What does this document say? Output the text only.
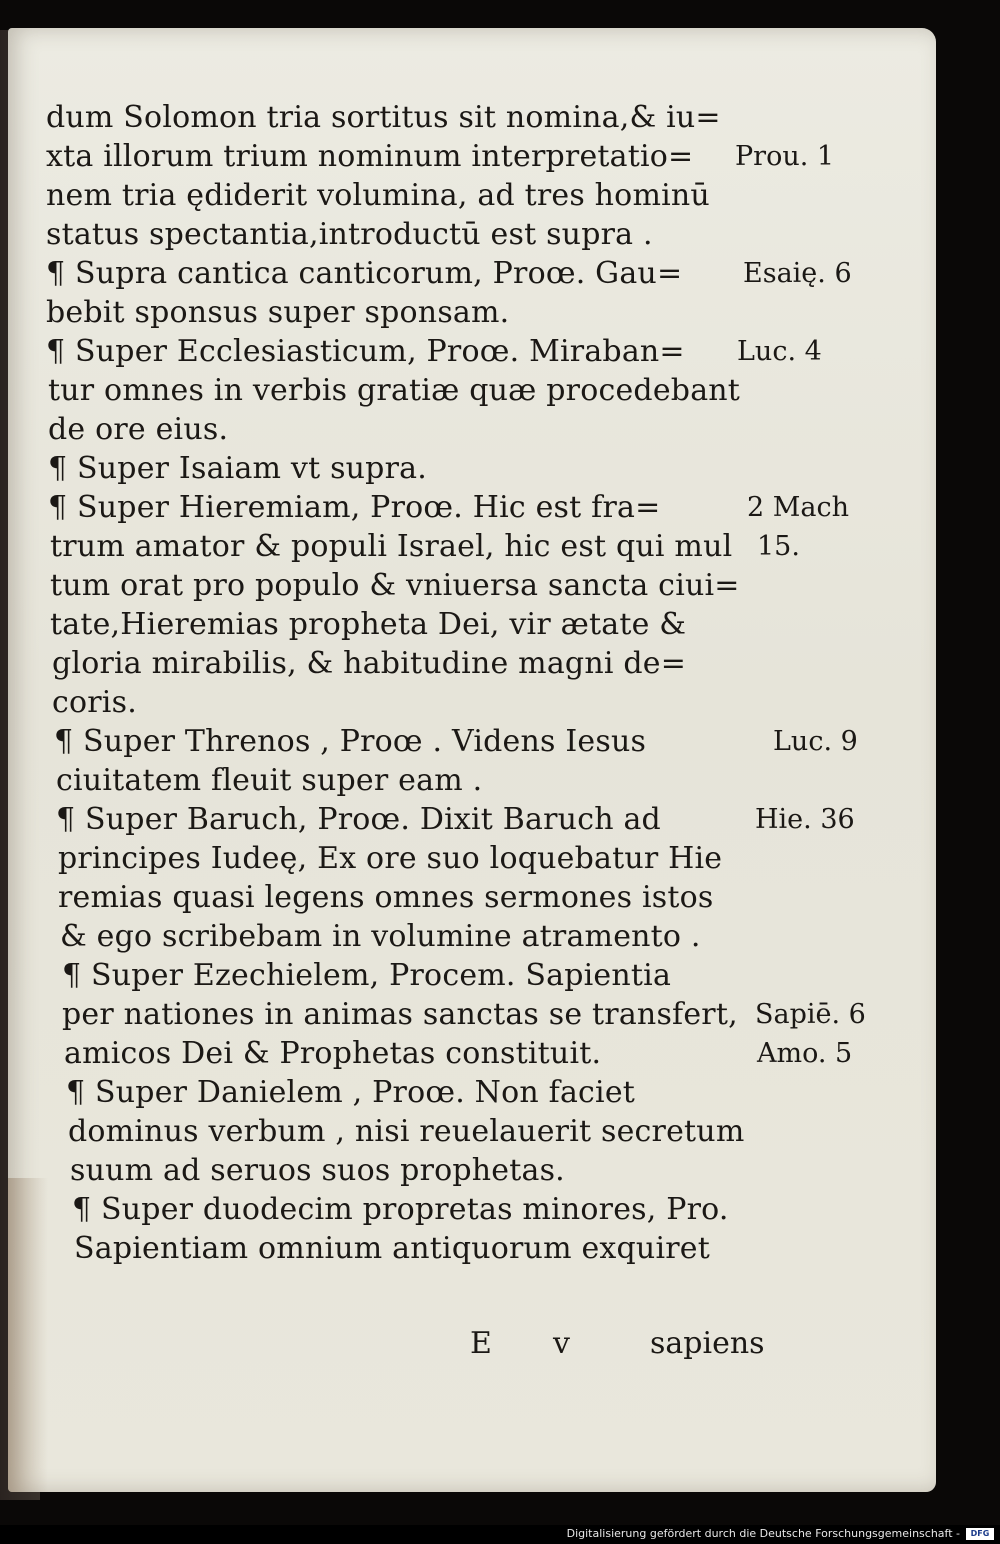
dum Solomon tria sortitus sit nomina,& iu=
xta illorum trium nominum interpretatio=
nem tria ędiderit volumina, ad tres hominū
status spectantia,introductū est supra .
¶ Supra cantica canticorum, Proœ. Gau=
bebit sponsus super sponsam.
¶ Super Ecclesiasticum, Proœ. Miraban=
tur omnes in verbis gratiæ quæ procedebant
de ore eius.
¶ Super Isaiam vt supra.
¶ Super Hieremiam, Proœ. Hic est fra=
trum amator & populi Israel, hic est qui mul
tum orat pro populo & vniuersa sancta ciui=
tate,Hieremias propheta Dei, vir ætate &
gloria mirabilis, & habitudine magni de=
coris.
¶ Super Threnos , Proœ . Videns Iesus
ciuitatem fleuit super eam .
¶ Super Baruch, Proœ. Dixit Baruch ad
principes Iudeę, Ex ore suo loquebatur Hie
remias quasi legens omnes sermones istos
& ego scribebam in volumine atramento .
¶ Super Ezechielem, Procem. Sapientia
per nationes in animas sanctas se transfert,
amicos Dei & Prophetas constituit.
¶ Super Danielem , Proœ. Non faciet
dominus verbum , nisi reuelauerit secretum
suum ad seruos suos prophetas.
¶ Super duodecim propretas minores, Pro.
Sapientiam omnium antiquorum exquiret
Prou. 1
Esaię. 6
Luc. 4
2 Mach
15.
Luc. 9
Hie. 36
Sapiē. 6
Amo. 5
E v	sapiens
Digitalisierung gefördert durch die Deutsche Forschungsgemeinschaft -	DFG
